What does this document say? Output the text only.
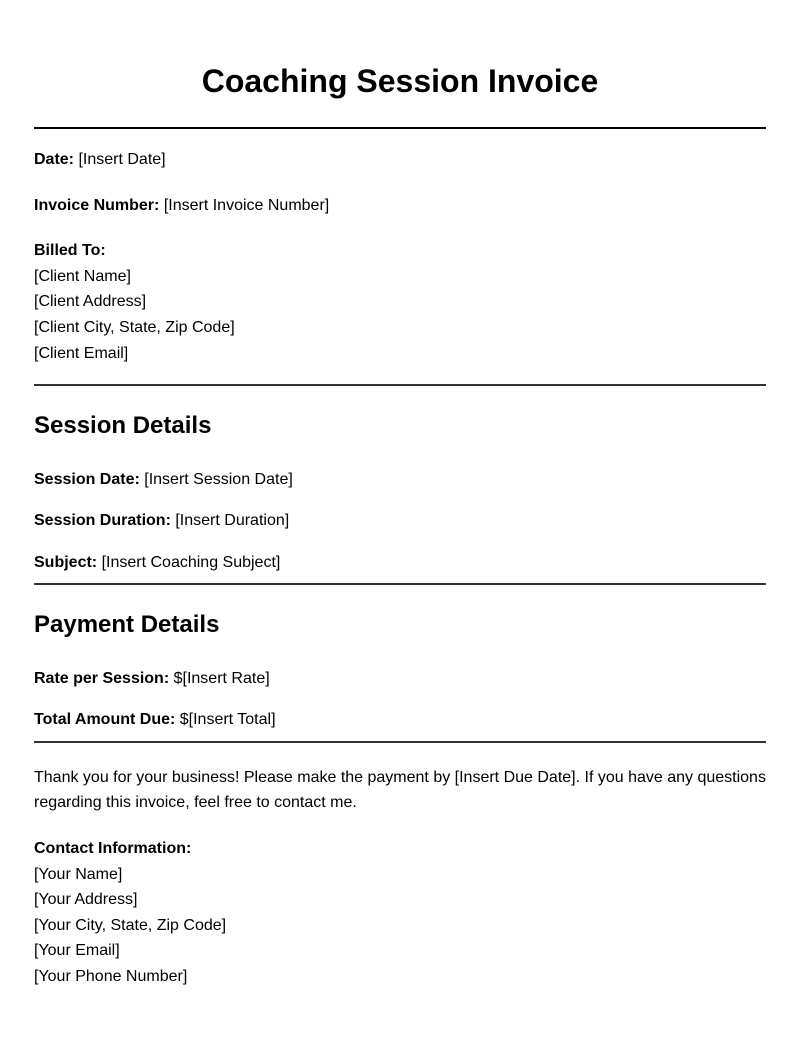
Coaching Session Invoice
Date: [Insert Date]
Invoice Number: [Insert Invoice Number]
Billed To:
[Client Name]
[Client Address]
[Client City, State, Zip Code]
[Client Email]
Session Details
Session Date: [Insert Session Date]
Session Duration: [Insert Duration]
Subject: [Insert Coaching Subject]
Payment Details
Rate per Session: $[Insert Rate]
Total Amount Due: $[Insert Total]

Thank you for your business! Please make the payment by [Insert Due Date]. If you have any questions regarding this invoice, feel free to contact me.

Contact Information:
[Your Name]
[Your Address]
[Your City, State, Zip Code]
[Your Email]
[Your Phone Number]
